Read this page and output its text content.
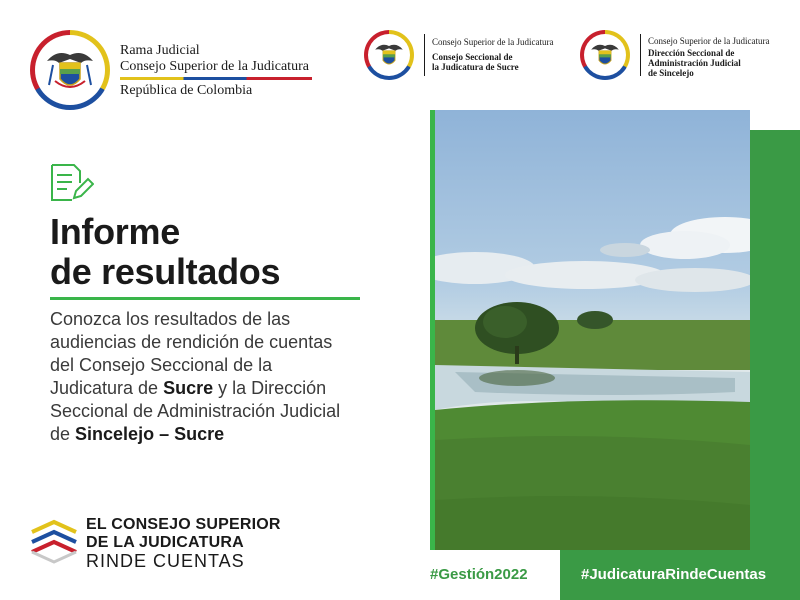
Rama Judicial
Consejo Superior de la Judicatura
República de Colombia
Consejo Superior de la Judicatura
Consejo Seccional de
la Judicatura de Sucre
Consejo Superior de la Judicatura
Dirección Seccional de
Administración Judicial
de Sincelejo
Informe
de resultados
Conozca los resultados de las audiencias de rendición de cuentas del Consejo Seccional de la Judicatura de Sucre y la Dirección Seccional de Administración Judicial de Sincelejo – Sucre
EL CONSEJO SUPERIOR
DE LA JUDICATURA
RINDE CUENTAS
#Gestión2022	#JudicaturaRindeCuentas
